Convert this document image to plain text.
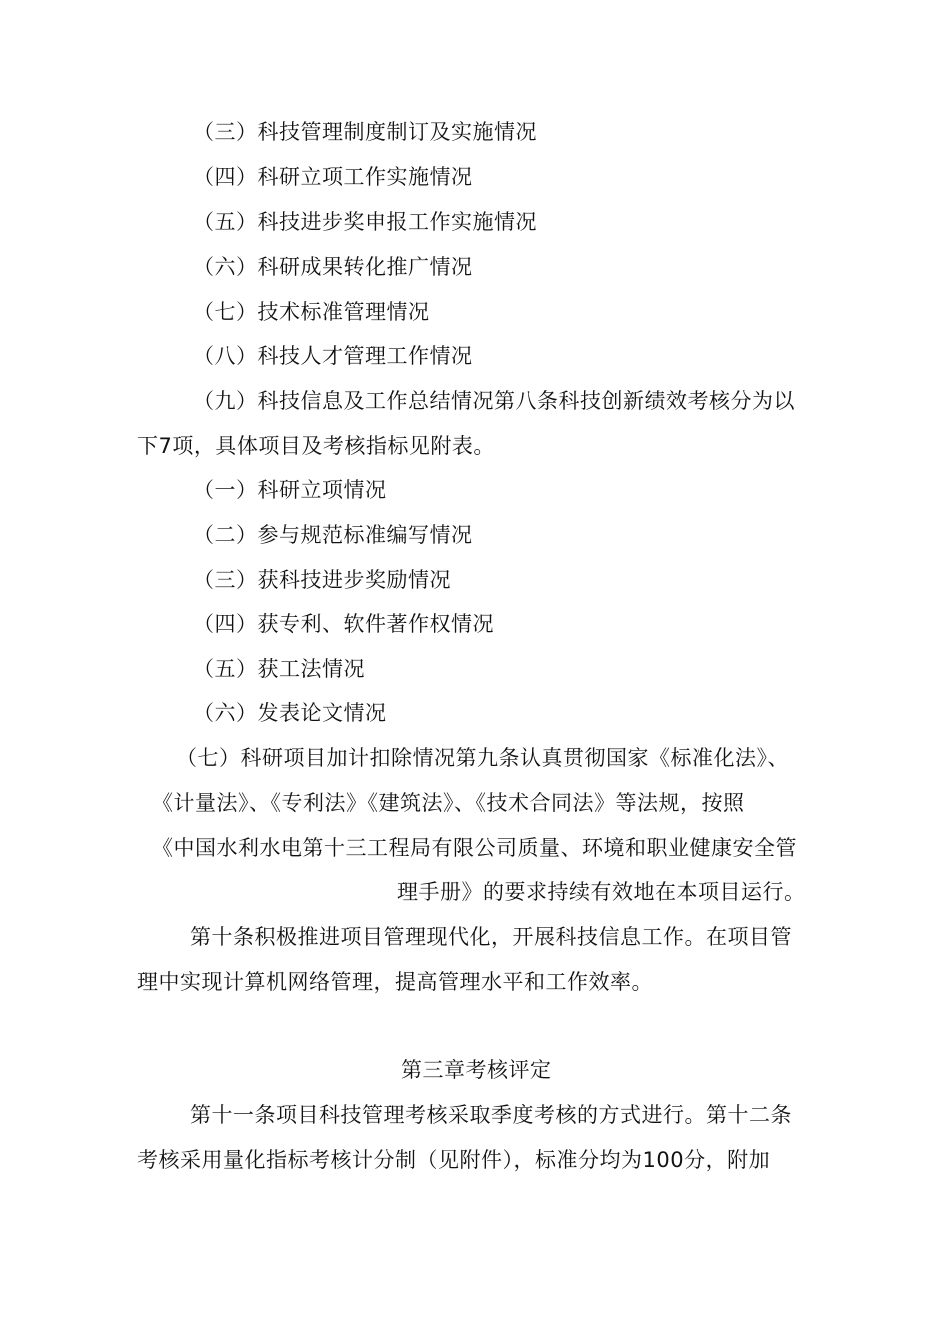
（三）科技管理制度制订及实施情况
（四）科研立项工作实施情况
（五）科技进步奖申报工作实施情况
（六）科研成果转化推广情况
（七）技术标准管理情况
（八）科技人才管理工作情况
（九）科技信息及工作总结情况第八条科技创新绩效考核分为以
下7项，具体项目及考核指标见附表。
（一）科研立项情况
（二）参与规范标准编写情况
（三）获科技进步奖励情况
（四）获专利、软件著作权情况
（五）获工法情况
（六）发表论文情况
（七）科研项目加计扣除情况第九条认真贯彻国家《标准化法》、
《计量法》、《专利法》《建筑法》、《技术合同法》等法规，按照
《中国水利水电第十三工程局有限公司质量、环境和职业健康安全管
理手册》的要求持续有效地在本项目运行。
第十条积极推进项目管理现代化，开展科技信息工作。在项目管
理中实现计算机网络管理，提高管理水平和工作效率。
第三章考核评定
第十一条项目科技管理考核采取季度考核的方式进行。第十二条
考核采用量化指标考核计分制（见附件），标准分均为100分，附加
